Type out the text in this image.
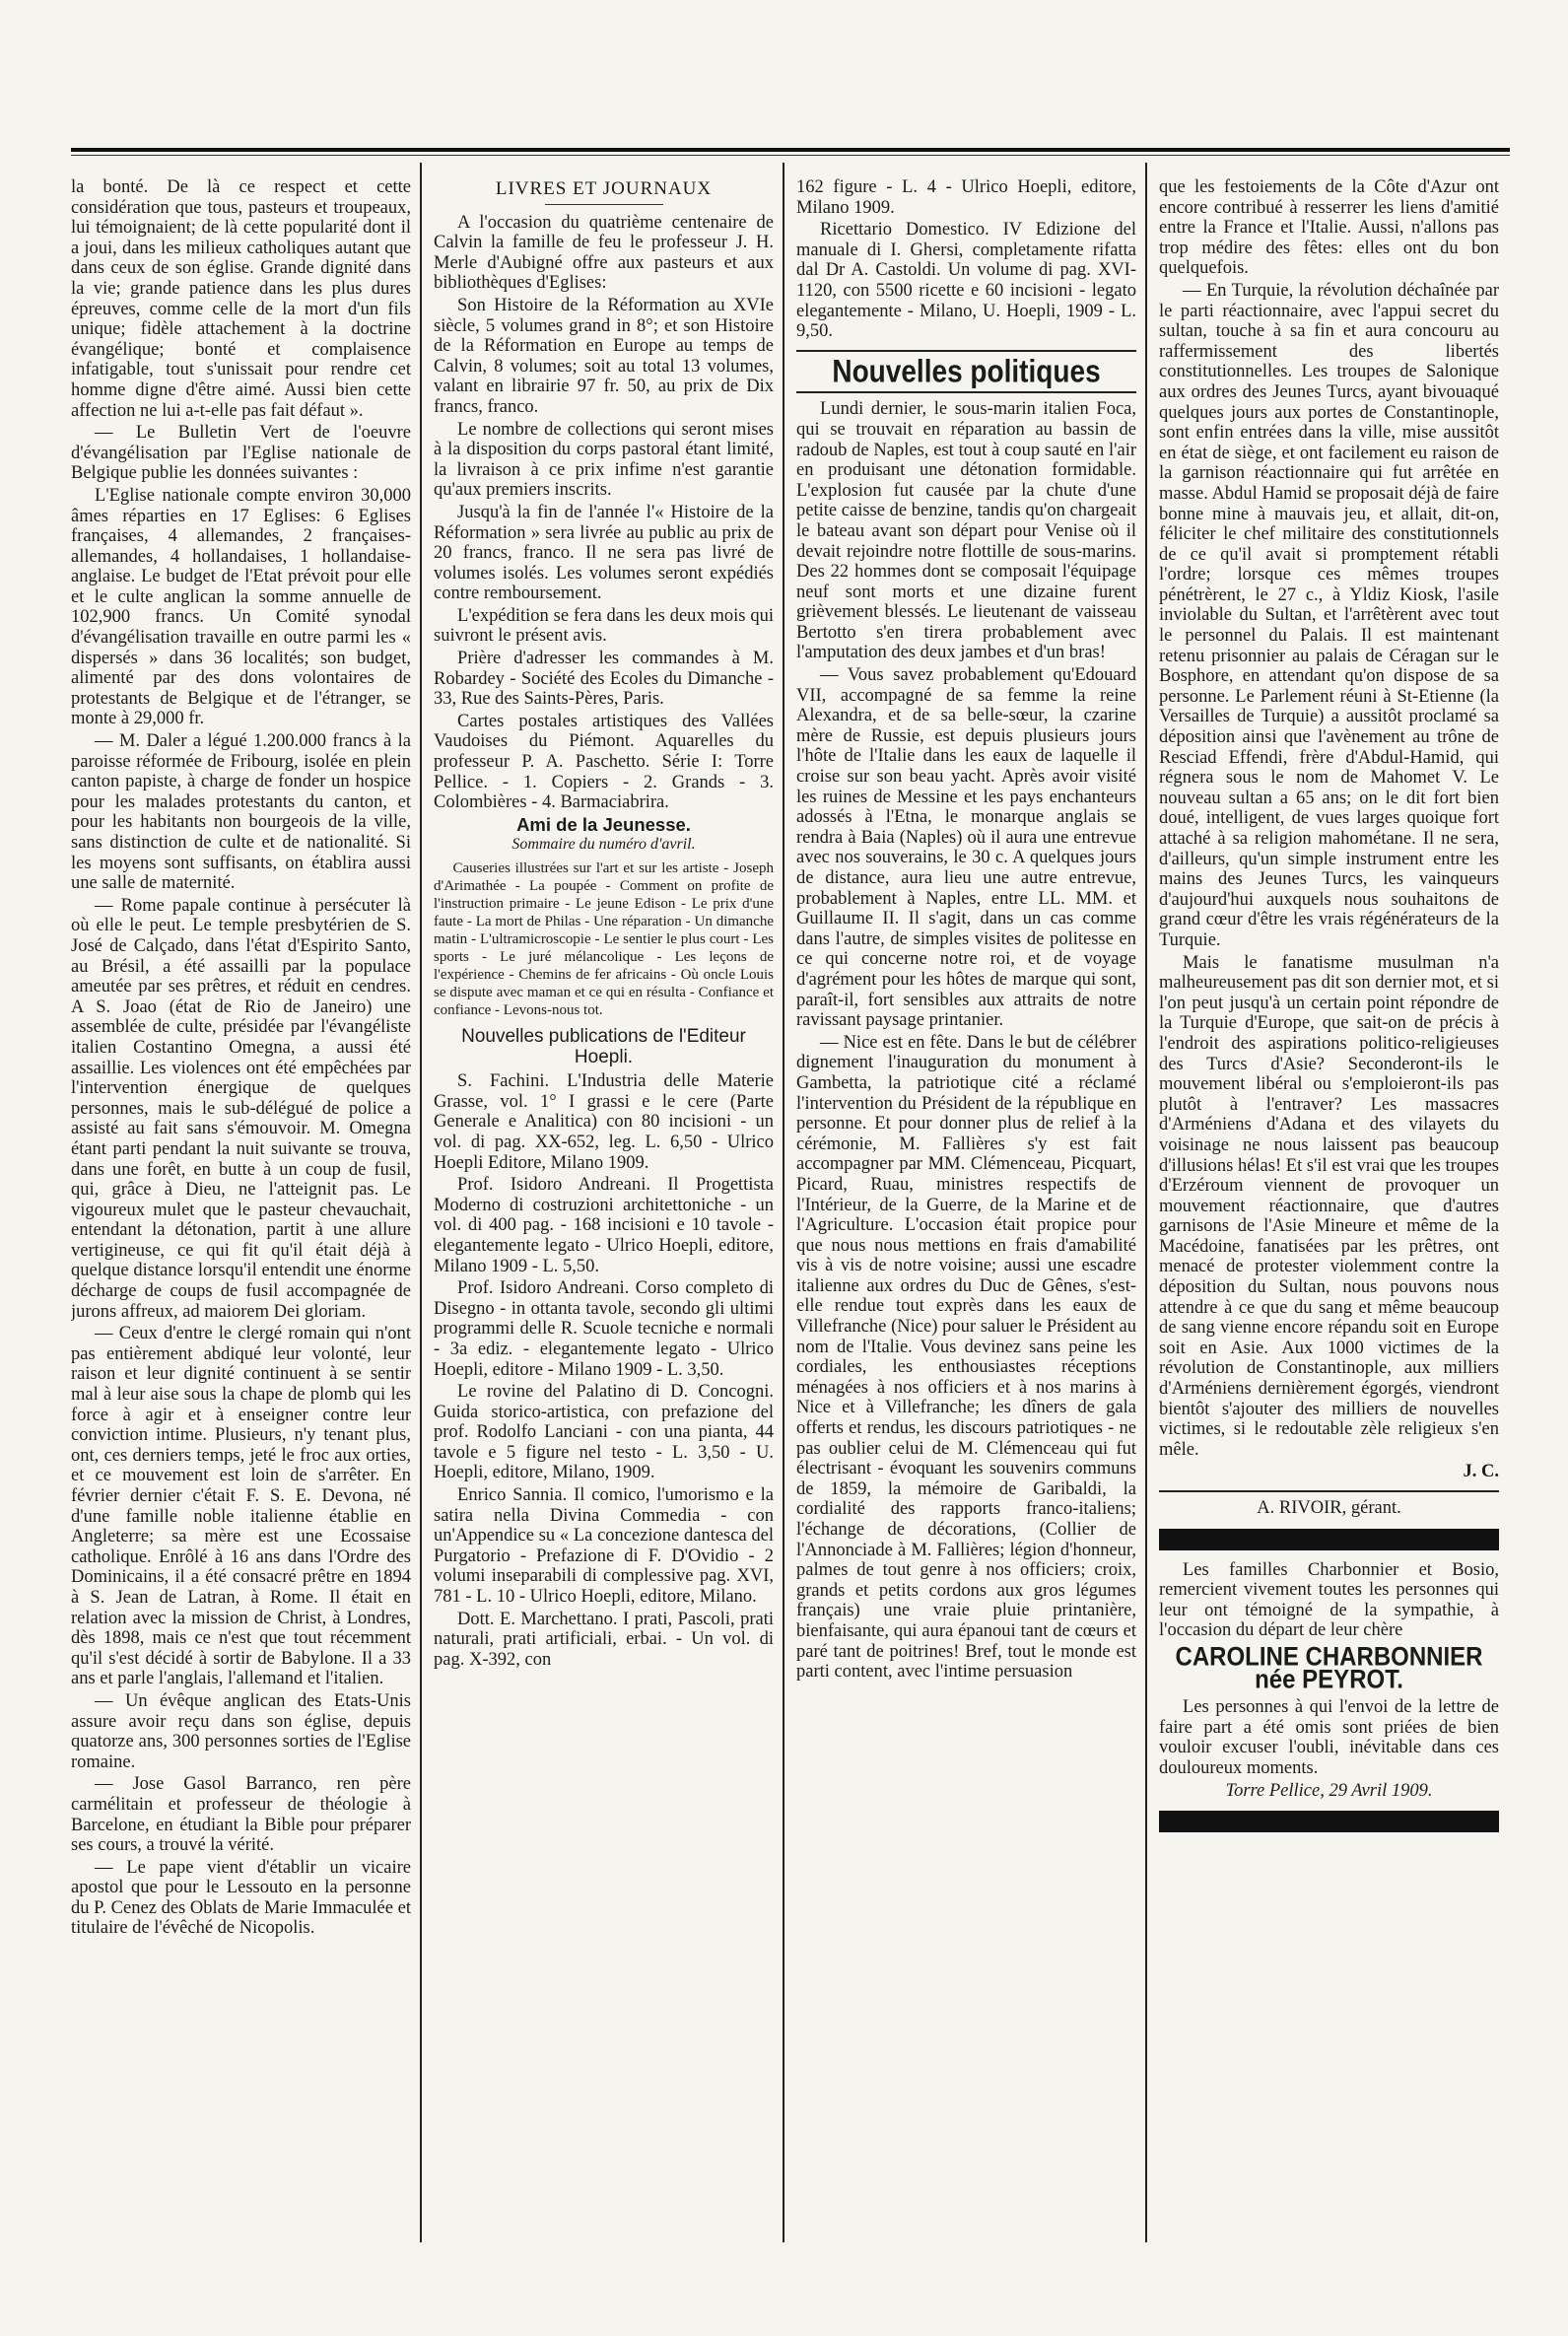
la bonté. De là ce respect et cette considération que tous, pasteurs et troupeaux, lui témoignaient; de là cette popularité dont il a joui, dans les milieux catholiques autant que dans ceux de son église. Grande dignité dans la vie; grande patience dans les plus dures épreuves, comme celle de la mort d'un fils unique; fidèle attachement à la doctrine évangélique; bonté et complaisence infatigable, tout s'unissait pour rendre cet homme digne d'être aimé. Aussi bien cette affection ne lui a-t-elle pas fait défaut ».

— Le Bulletin Vert de l'oeuvre d'évangélisation par l'Eglise nationale de Belgique publie les données suivantes :

L'Eglise nationale compte environ 30,000 âmes réparties en 17 Eglises: 6 Eglises françaises, 4 allemandes, 2 françaises-allemandes, 4 hollandaises, 1 hollandaise-anglaise. Le budget de l'Etat prévoit pour elle et le culte anglican la somme annuelle de 102,900 francs. Un Comité synodal d'évangélisation travaille en outre parmi les « dispersés » dans 36 localités; son budget, alimenté par des dons volontaires de protestants de Belgique et de l'étranger, se monte à 29,000 fr.

— M. Daler a légué 1.200.000 francs à la paroisse réformée de Fribourg, isolée en plein canton papiste, à charge de fonder un hospice pour les malades protestants du canton, et pour les habitants non bourgeois de la ville, sans distinction de culte et de nationalité. Si les moyens sont suffisants, on établira aussi une salle de maternité.

— Rome papale continue à persécuter là où elle le peut. Le temple presbytérien de S. José de Calçado, dans l'état d'Espirito Santo, au Brésil, a été assailli par la populace ameutée par ses prêtres, et réduit en cendres. A S. Joao (état de Rio de Janeiro) une assemblée de culte, présidée par l'évangéliste italien Costantino Omegna, a aussi été assaillie. Les violences ont été empêchées par l'intervention énergique de quelques personnes, mais le sub-délégué de police a assisté au fait sans s'émouvoir. M. Omegna étant parti pendant la nuit suivante se trouva, dans une forêt, en butte à un coup de fusil, qui, grâce à Dieu, ne l'atteignit pas. Le vigoureux mulet que le pasteur chevauchait, entendant la détonation, partit à une allure vertigineuse, ce qui fit qu'il était déjà à quelque distance lorsqu'il entendit une énorme décharge de coups de fusil accompagnée de jurons affreux, ad maiorem Dei gloriam.

— Ceux d'entre le clergé romain qui n'ont pas entièrement abdiqué leur volonté, leur raison et leur dignité continuent à se sentir mal à leur aise sous la chape de plomb qui les force à agir et à enseigner contre leur conviction intime. Plusieurs, n'y tenant plus, ont, ces derniers temps, jeté le froc aux orties, et ce mouvement est loin de s'arrêter. En février dernier c'était F. S. E. Devona, né d'une famille noble italienne établie en Angleterre; sa mère est une Ecossaise catholique. Enrôlé à 16 ans dans l'Ordre des Dominicains, il a été consacré prêtre en 1894 à S. Jean de Latran, à Rome. Il était en relation avec la mission de Christ, à Londres, dès 1898, mais ce n'est que tout récemment qu'il s'est décidé à sortir de Babylone. Il a 33 ans et parle l'anglais, l'allemand et l'italien.

— Un évêque anglican des Etats-Unis assure avoir reçu dans son église, depuis quatorze ans, 300 personnes sorties de l'Eglise romaine.

— Jose Gasol Barranco, ren père carmélitain et professeur de théologie à Barcelone, en étudiant la Bible pour préparer ses cours, a trouvé la vérité.

— Le pape vient d'établir un vicaire apostol que pour le Lessouto en la personne du P. Cenez des Oblats de Marie Immaculée et titulaire de l'évêché de Nicopolis.

LIVRES ET JOURNAUX

A l'occasion du quatrième centenaire de Calvin la famille de feu le professeur J. H. Merle d'Aubigné offre aux pasteurs et aux bibliothèques d'Eglises:

Son Histoire de la Réformation au XVIe siècle, 5 volumes grand in 8°; et son Histoire de la Réformation en Europe au temps de Calvin, 8 volumes; soit au total 13 volumes, valant en librairie 97 fr. 50, au prix de Dix francs, franco.

Le nombre de collections qui seront mises à la disposition du corps pastoral étant limité, la livraison à ce prix infime n'est garantie qu'aux premiers inscrits.

Jusqu'à la fin de l'année l'« Histoire de la Réformation » sera livrée au public au prix de 20 francs, franco. Il ne sera pas livré de volumes isolés. Les volumes seront expédiés contre remboursement.

L'expédition se fera dans les deux mois qui suivront le présent avis.

Prière d'adresser les commandes à M. Robardey - Société des Ecoles du Dimanche - 33, Rue des Saints-Pères, Paris.

Cartes postales artistiques des Vallées Vaudoises du Piémont. Aquarelles du professeur P. A. Paschetto. Série I: Torre Pellice. - 1. Copiers - 2. Grands - 3. Colombières - 4. Barmaciabrira.

Ami de la Jeunesse.
Sommaire du numéro d'avril.

Causeries illustrées sur l'art et sur les artiste - Joseph d'Arimathée - La poupée - Comment on profite de l'instruction primaire - Le jeune Edison - Le prix d'une faute - La mort de Philas - Une réparation - Un dimanche matin - L'ultramicroscopie - Le sentier le plus court - Les sports - Le juré mélancolique - Les leçons de l'expérience - Chemins de fer africains - Où oncle Louis se dispute avec maman et ce qui en résulta - Confiance et confiance - Levons-nous tot.

Nouvelles publications de l'Editeur Hoepli.

S. Fachini. L'Industria delle Materie Grasse, vol. 1° I grassi e le cere (Parte Generale e Analitica) con 80 incisioni - un vol. di pag. XX-652, leg. L. 6,50 - Ulrico Hoepli Editore, Milano 1909.

Prof. Isidoro Andreani. Il Progettista Moderno di costruzioni architettoniche - un vol. di 400 pag. - 168 incisioni e 10 tavole - elegantemente legato - Ulrico Hoepli, editore, Milano 1909 - L. 5,50.

Prof. Isidoro Andreani. Corso completo di Disegno - in ottanta tavole, secondo gli ultimi programmi delle R. Scuole tecniche e normali - 3a ediz. - elegantemente legato - Ulrico Hoepli, editore - Milano 1909 - L. 3,50.

Le rovine del Palatino di D. Concogni. Guida storico-artistica, con prefazione del prof. Rodolfo Lanciani - con una pianta, 44 tavole e 5 figure nel testo - L. 3,50 - U. Hoepli, editore, Milano, 1909.

Enrico Sannia. Il comico, l'umorismo e la satira nella Divina Commedia - con un'Appendice su « La concezione dantesca del Purgatorio - Prefazione di F. D'Ovidio - 2 volumi inseparabili di complessive pag. XVI, 781 - L. 10 - Ulrico Hoepli, editore, Milano.

Dott. E. Marchettano. I prati, Pascoli, prati naturali, prati artificiali, erbai. - Un vol. di pag. X-392, con

162 figure - L. 4 - Ulrico Hoepli, editore, Milano 1909.

Ricettario Domestico. IV Edizione del manuale di I. Ghersi, completamente rifatta dal Dr A. Castoldi. Un volume di pag. XVI-1120, con 5500 ricette e 60 incisioni - legato elegantemente - Milano, U. Hoepli, 1909 - L. 9,50.

Nouvelles politiques

Lundi dernier, le sous-marin italien Foca, qui se trouvait en réparation au bassin de radoub de Naples, est tout à coup sauté en l'air en produisant une détonation formidable. L'explosion fut causée par la chute d'une petite caisse de benzine, tandis qu'on chargeait le bateau avant son départ pour Venise où il devait rejoindre notre flottille de sous-marins. Des 22 hommes dont se composait l'équipage neuf sont morts et une dizaine furent grièvement blessés. Le lieutenant de vaisseau Bertotto s'en tirera probablement avec l'amputation des deux jambes et d'un bras!

— Vous savez probablement qu'Edouard VII, accompagné de sa femme la reine Alexandra, et de sa belle-sœur, la czarine mère de Russie, est depuis plusieurs jours l'hôte de l'Italie dans les eaux de laquelle il croise sur son beau yacht. Après avoir visité les ruines de Messine et les pays enchanteurs adossés à l'Etna, le monarque anglais se rendra à Baia (Naples) où il aura une entrevue avec nos souverains, le 30 c. A quelques jours de distance, aura lieu une autre entrevue, probablement à Naples, entre LL. MM. et Guillaume II. Il s'agit, dans un cas comme dans l'autre, de simples visites de politesse en ce qui concerne notre roi, et de voyage d'agrément pour les hôtes de marque qui sont, paraît-il, fort sensibles aux attraits de notre ravissant paysage printanier.

— Nice est en fête. Dans le but de célébrer dignement l'inauguration du monument à Gambetta, la patriotique cité a réclamé l'intervention du Président de la république en personne. Et pour donner plus de relief à la cérémonie, M. Fallières s'y est fait accompagner par MM. Clémenceau, Picquart, Picard, Ruau, ministres respectifs de l'Intérieur, de la Guerre, de la Marine et de l'Agriculture. L'occasion était propice pour que nous nous mettions en frais d'amabilité vis à vis de notre voisine; aussi une escadre italienne aux ordres du Duc de Gênes, s'est-elle rendue tout exprès dans les eaux de Villefranche (Nice) pour saluer le Président au nom de l'Italie. Vous devinez sans peine les cordiales, les enthousiastes réceptions ménagées à nos officiers et à nos marins à Nice et à Villefranche; les dîners de gala offerts et rendus, les discours patriotiques - ne pas oublier celui de M. Clémenceau qui fut électrisant - évoquant les souvenirs communs de 1859, la mémoire de Garibaldi, la cordialité des rapports franco-italiens; l'échange de décorations, (Collier de l'Annonciade à M. Fallières; légion d'honneur, palmes de tout genre à nos officiers; croix, grands et petits cordons aux gros légumes français) une vraie pluie printanière, bienfaisante, qui aura épanoui tant de cœurs et paré tant de poitrines! Bref, tout le monde est parti content, avec l'intime persuasion

que les festoiements de la Côte d'Azur ont encore contribué à resserrer les liens d'amitié entre la France et l'Italie. Aussi, n'allons pas trop médire des fêtes: elles ont du bon quelquefois.

— En Turquie, la révolution déchaînée par le parti réactionnaire, avec l'appui secret du sultan, touche à sa fin et aura concouru au raffermissement des libertés constitutionnelles. Les troupes de Salonique aux ordres des Jeunes Turcs, ayant bivouaqué quelques jours aux portes de Constantinople, sont enfin entrées dans la ville, mise aussitôt en état de siège, et ont facilement eu raison de la garnison réactionnaire qui fut arrêtée en masse. Abdul Hamid se proposait déjà de faire bonne mine à mauvais jeu, et allait, dit-on, féliciter le chef militaire des constitutionnels de ce qu'il avait si promptement rétabli l'ordre; lorsque ces mêmes troupes pénétrèrent, le 27 c., à Yldiz Kiosk, l'asile inviolable du Sultan, et l'arrêtèrent avec tout le personnel du Palais. Il est maintenant retenu prisonnier au palais de Céragan sur le Bosphore, en attendant qu'on dispose de sa personne. Le Parlement réuni à St-Etienne (la Versailles de Turquie) a aussitôt proclamé sa déposition ainsi que l'avènement au trône de Resciad Effendi, frère d'Abdul-Hamid, qui régnera sous le nom de Mahomet V. Le nouveau sultan a 65 ans; on le dit fort bien doué, intelligent, de vues larges quoique fort attaché à sa religion mahométane. Il ne sera, d'ailleurs, qu'un simple instrument entre les mains des Jeunes Turcs, les vainqueurs d'aujourd'hui auxquels nous souhaitons de grand cœur d'être les vrais régénérateurs de la Turquie.

Mais le fanatisme musulman n'a malheureusement pas dit son dernier mot, et si l'on peut jusqu'à un certain point répondre de la Turquie d'Europe, que sait-on de précis à l'endroit des aspirations politico-religieuses des Turcs d'Asie? Seconderont-ils le mouvement libéral ou s'emploieront-ils pas plutôt à l'entraver? Les massacres d'Arméniens d'Adana et des vilayets du voisinage ne nous laissent pas beaucoup d'illusions hélas! Et s'il est vrai que les troupes d'Erzéroum viennent de provoquer un mouvement réactionnaire, que d'autres garnisons de l'Asie Mineure et même de la Macédoine, fanatisées par les prêtres, ont menacé de protester violemment contre la déposition du Sultan, nous pouvons nous attendre à ce que du sang et même beaucoup de sang vienne encore répandu soit en Europe soit en Asie. Aux 1000 victimes de la révolution de Constantinople, aux milliers d'Arméniens dernièrement égorgés, viendront bientôt s'ajouter des milliers de nouvelles victimes, si le redoutable zèle religieux s'en mêle.

J. C.
A. RIVOIR, gérant.

Les familles Charbonnier et Bosio, remercient vivement toutes les personnes qui leur ont témoigné de la sympathie, à l'occasion du départ de leur chère

CAROLINE CHARBONNIER née PEYROT.

Les personnes à qui l'envoi de la lettre de faire part a été omis sont priées de bien vouloir excuser l'oubli, inévitable dans ces douloureux moments.

Torre Pellice, 29 Avril 1909.
